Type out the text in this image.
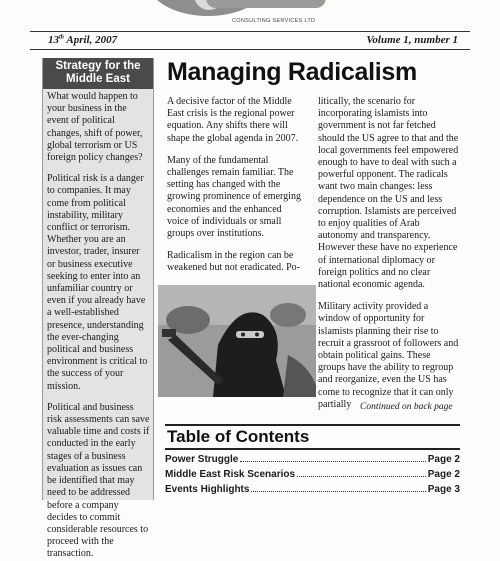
CONSULTING SERVICES LTD
13th April, 2007	Volume 1, number 1
Strategy for the
Middle East

What would happen to your business in the event of political changes, shift of power, global terrorism or US foreign policy changes?

Political risk is a danger to companies. It may come from political instability, military conflict or terrorism. Whether you are an investor, trader, insurer or business executive seeking to enter into an unfamiliar country or even if you already have a well-established presence, understanding the ever-changing political and business environment is critical to the success of your mission.

Political and business risk assessments can save valuable time and costs if conducted in the early stages of a business evaluation as issues can be identified that may need to be addressed before a company decides to commit considerable resources to proceed with the transaction.

Managing Radicalism

A decisive factor of the Middle East crisis is the regional power equation. Any shifts there will shape the global agenda in 2007.

Many of the fundamental challenges remain familiar. The setting has changed with the growing prominence of emerging economies and the enhanced voice of individuals or small groups over institutions.

Radicalism in the region can be weakened but not eradicated. Po-

litically, the scenario for incorporating islamists into government is not far fetched should the US agree to that and the local governments feel empowered enough to have to deal with such a powerful opponent. The radicals want two main changes: less dependence on the US and less corruption. Islamists are perceived to enjoy qualities of Arab autonomy and transparency. However these have no experience of international diplomacy or foreign politics and no clear national economic agenda.

Military activity provided a window of opportunity for islamists planning their rise to recruit a grassroot of followers and obtain political gains. These groups have the ability to regroup and reorganize, even the US has come to recognize that it can only partially Continued on back page
Table of Contents
Power Struggle	Page 2
Middle East Risk Scenarios	Page 2
Events Highlights	Page 3
